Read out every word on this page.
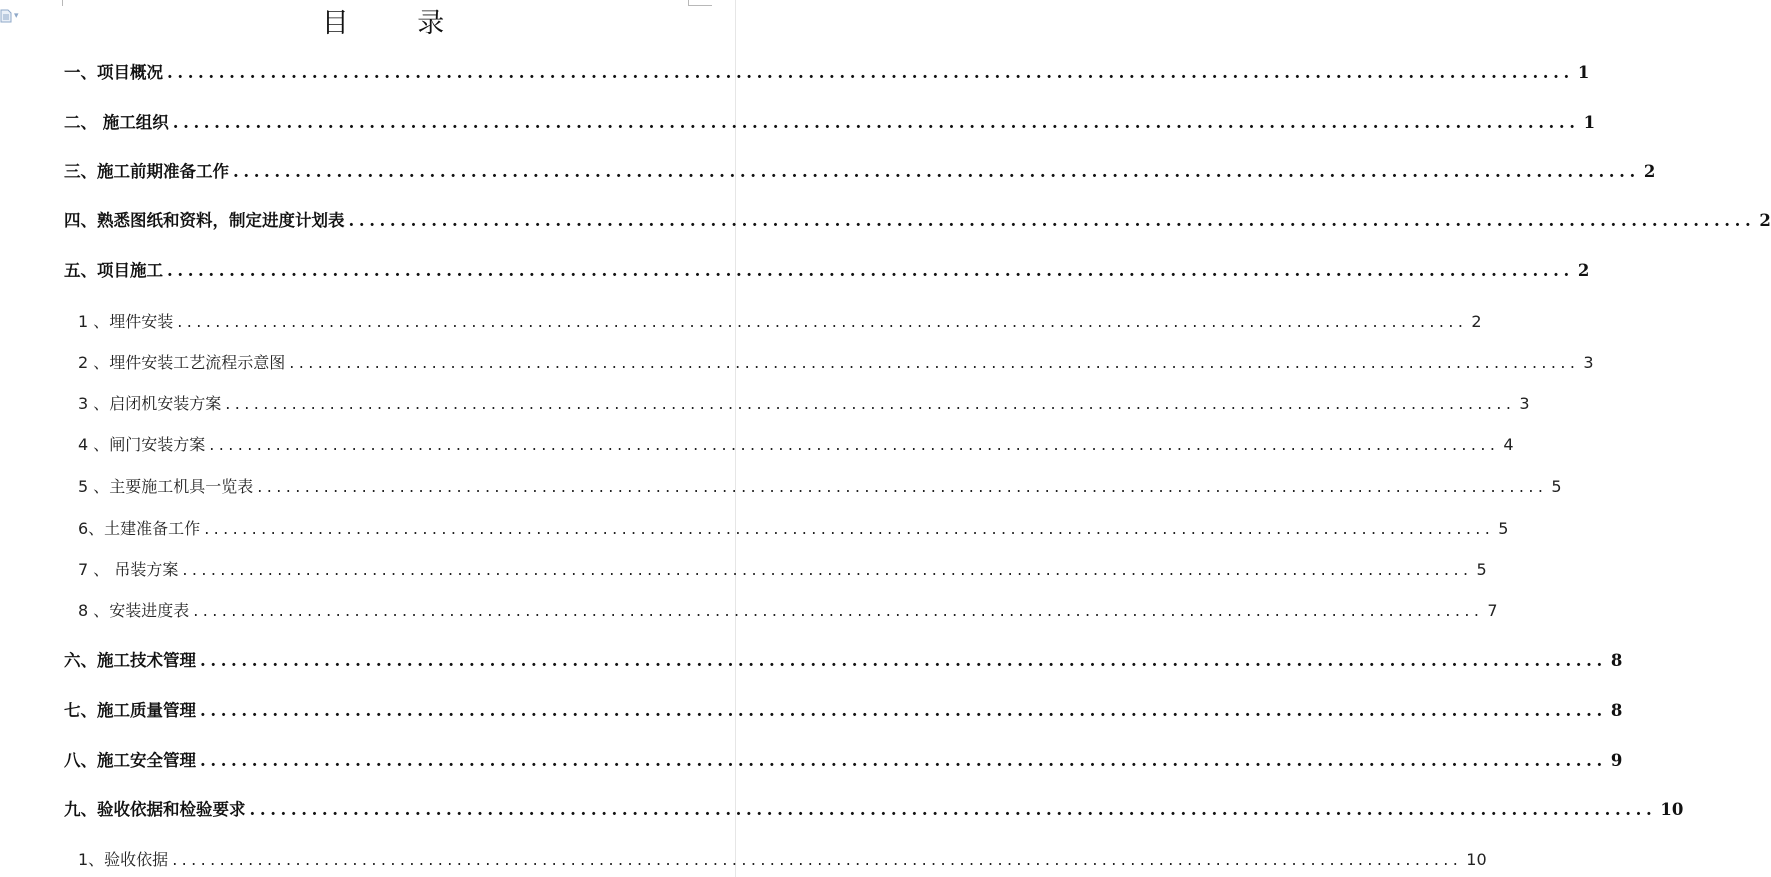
▾	目 录
一、项目概况 ........................................................................................................................................ 1
二、 施工组织 ........................................................................................................................................ 1
三、施工前期准备工作 ........................................................................................................................................ 2
四、熟悉图纸和资料，制定进度计划表 ........................................................................................................................................ 2
五、项目施工 ........................................................................................................................................ 2
1 、埋件安装 ........................................................................................................................................ 2
2 、埋件安装工艺流程示意图 ........................................................................................................................................ 3
3 、启闭机安装方案 ........................................................................................................................................ 3
4 、闸门安装方案 ........................................................................................................................................ 4
5 、主要施工机具一览表 ........................................................................................................................................ 5
6、土建准备工作 ........................................................................................................................................ 5
7 、 吊装方案 ........................................................................................................................................ 5
8 、安装进度表 ........................................................................................................................................ 7
六、施工技术管理 ........................................................................................................................................ 8
七、施工质量管理 ........................................................................................................................................ 8
八、施工安全管理 ........................................................................................................................................ 9
九、验收依据和检验要求 ........................................................................................................................................ 10
1、验收依据 ........................................................................................................................................ 10
